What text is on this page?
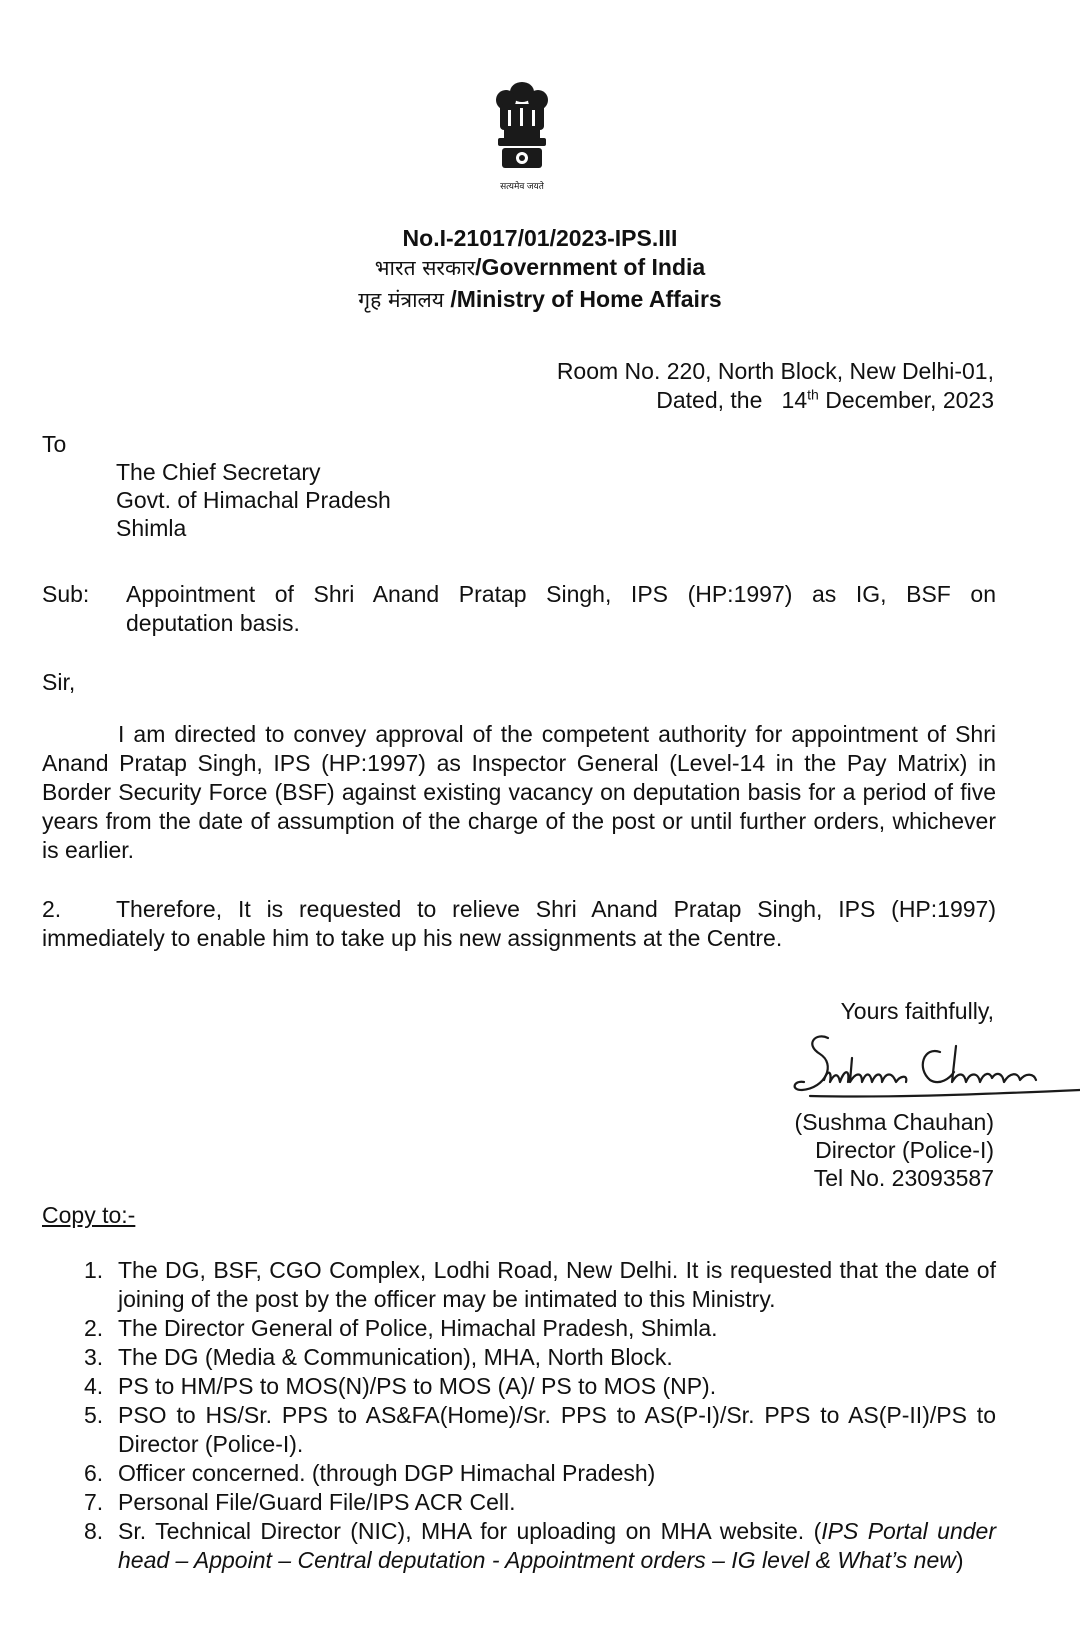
सत्यमेव जयते
No.I-21017/01/2023-IPS.III
भारत सरकार/Government of India
गृह मंत्रालय /Ministry of Home Affairs
Room No. 220, North Block, New Delhi-01,
Dated, the 14th December, 2023
To
The Chief Secretary
Govt. of Himachal Pradesh
Shimla
Sub: Appointment of Shri Anand Pratap Singh, IPS (HP:1997) as IG, BSF on
deputation basis.
Sir,
I am directed to convey approval of the competent authority for appointment of Shri Anand Pratap Singh, IPS (HP:1997) as Inspector General (Level-14 in the Pay Matrix) in Border Security Force (BSF) against existing vacancy on deputation basis for a period of five years from the date of assumption of the charge of the post or until further orders, whichever is earlier.
2. Therefore, It is requested to relieve Shri Anand Pratap Singh, IPS (HP:1997) immediately to enable him to take up his new assignments at the Centre.
Yours faithfully,
(Sushma Chauhan)
Director (Police-I)
Tel No. 23093587
Copy to:-
1. The DG, BSF, CGO Complex, Lodhi Road, New Delhi. It is requested that the date of joining of the post by the officer may be intimated to this Ministry.
2. The Director General of Police, Himachal Pradesh, Shimla.
3. The DG (Media & Communication), MHA, North Block.
4. PS to HM/PS to MOS(N)/PS to MOS (A)/ PS to MOS (NP).
5. PSO to HS/Sr. PPS to AS&FA(Home)/Sr. PPS to AS(P-I)/Sr. PPS to AS(P-II)/PS to Director (Police-I).
6. Officer concerned. (through DGP Himachal Pradesh)
7. Personal File/Guard File/IPS ACR Cell.
8. Sr. Technical Director (NIC), MHA for uploading on MHA website. (IPS Portal under head – Appoint – Central deputation - Appointment orders – IG level & What’s new)
